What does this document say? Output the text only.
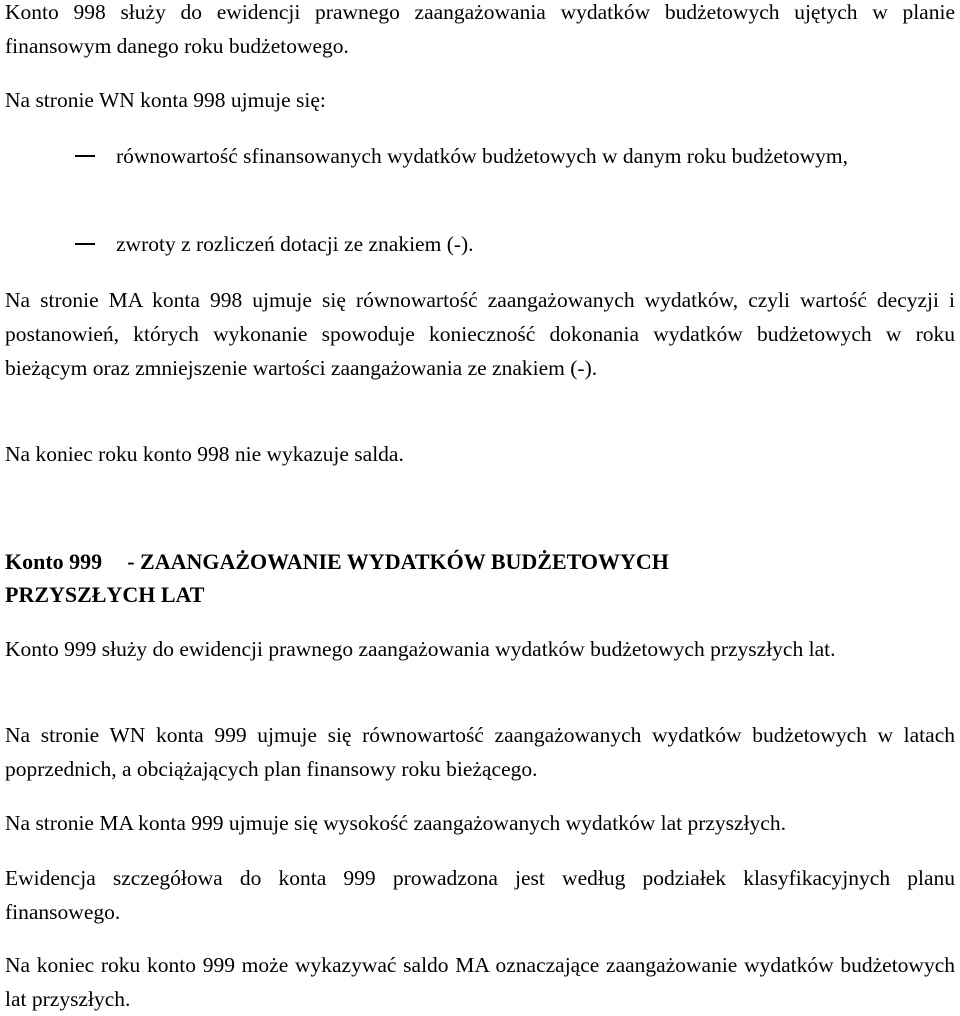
Konto 998 służy do ewidencji prawnego zaangażowania wydatków budżetowych ujętych w planie finansowym danego roku budżetowego.

Na stronie WN konta 998 ujmuje się:

równowartość sfinansowanych wydatków budżetowych w danym roku budżetowym,
zwroty z rozliczeń dotacji ze znakiem (-).

Na stronie MA konta 998 ujmuje się równowartość zaangażowanych wydatków, czyli wartość decyzji i postanowień, których wykonanie spowoduje konieczność dokonania wydatków budżetowych w roku bieżącym oraz zmniejszenie wartości zaangażowania ze znakiem (-).

Na koniec roku konto 998 nie wykazuje salda.

Konto 999 - ZAANGAŻOWANIE WYDATKÓW BUDŻETOWYCH
PRZYSZŁYCH LAT

Konto 999 służy do ewidencji prawnego zaangażowania wydatków budżetowych przyszłych lat.

Na stronie WN konta 999 ujmuje się równowartość zaangażowanych wydatków budżetowych w latach poprzednich, a obciążających plan finansowy roku bieżącego.

Na stronie MA konta 999 ujmuje się wysokość zaangażowanych wydatków lat przyszłych.

Ewidencja szczegółowa do konta 999 prowadzona jest według podziałek klasyfikacyjnych planu finansowego.

Na koniec roku konto 999 może wykazywać saldo MA oznaczające zaangażowanie wydatków budżetowych lat przyszłych.
